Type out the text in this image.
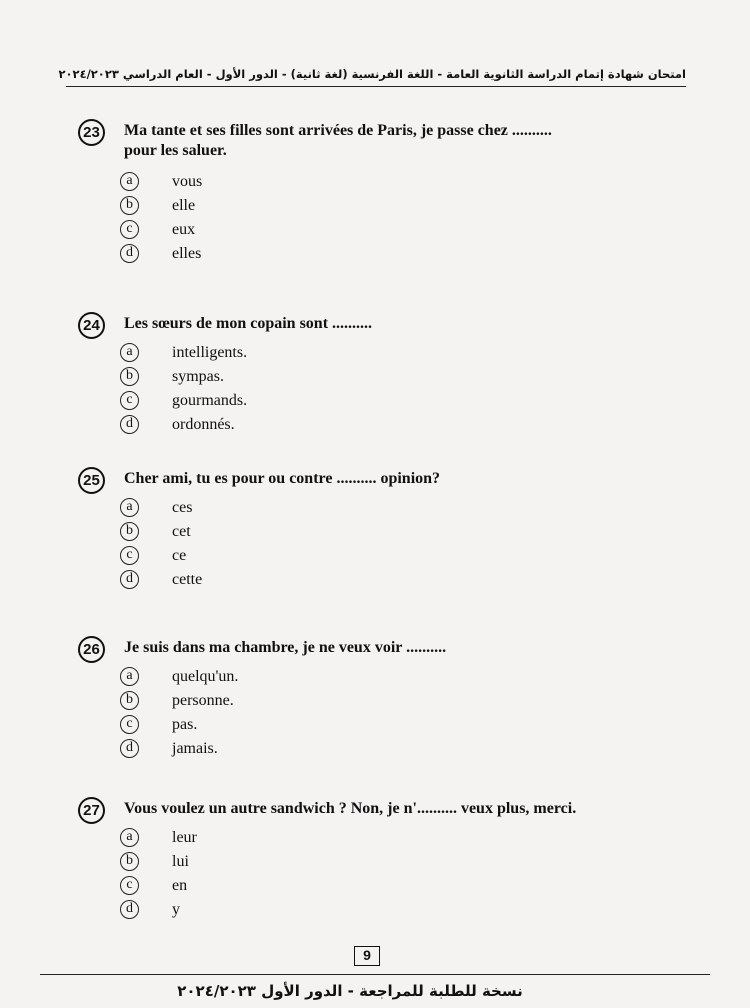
امتحان شهادة إتمام الدراسة الثانوية العامة - اللغة الفرنسية (لغة ثانية) - الدور الأول - العام الدراسي ٢٠٢٤/٢٠٢٣
23	Ma tante et ses filles sont arrivées de Paris, je passe chez ..........
pour les saluer.
a	vous
b	elle
c	eux
d	elles
24	Les sœurs de mon copain sont ..........
a	intelligents.
b	sympas.
c	gourmands.
d	ordonnés.
25	Cher ami, tu es pour ou contre .......... opinion?
a	ces
b	cet
c	ce
d	cette
26	Je suis dans ma chambre, je ne veux voir ..........
a	quelqu'un.
b	personne.
c	pas.
d	jamais.
27	Vous voulez un autre sandwich ? Non, je n'.......... veux plus, merci.
a	leur
b	lui
c	en
d	y
9
نسخة للطلبة للمراجعة - الدور الأول ٢٠٢٤/٢٠٢٣
